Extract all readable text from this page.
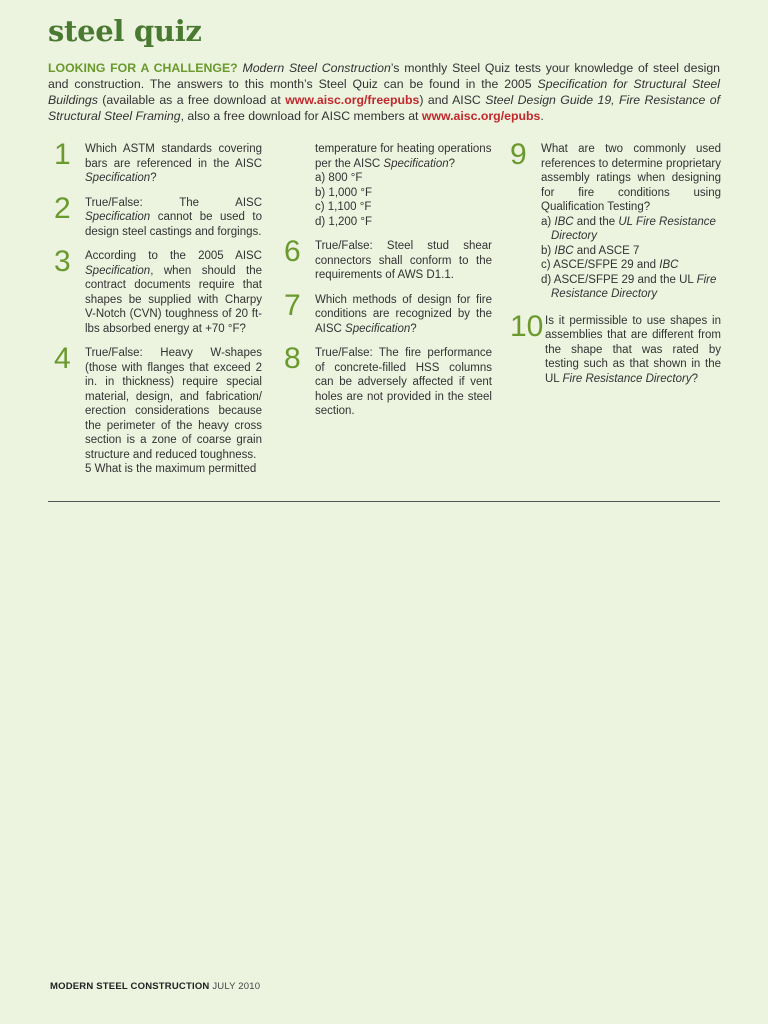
steel quiz
LOOKING FOR A CHALLENGE? Modern Steel Construction’s monthly Steel Quiz tests your knowledge of steel design and construction. The answers to this month’s Steel Quiz can be found in the 2005 Specification for Structural Steel Buildings (available as a free download at www.aisc.org/freepubs) and AISC Steel Design Guide 19, Fire Resistance of Structural Steel Framing, also a free download for AISC members at www.aisc.org/epubs.
1 Which ASTM standards covering bars are referenced in the AISC Specification?
2 True/False: The AISC Specification cannot be used to design steel castings and forgings.
3 According to the 2005 AISC Specification, when should the contract documents require that shapes be supplied with Charpy V-Notch (CVN) toughness of 20 ft-lbs absorbed energy at +70 °F?
4 True/False: Heavy W-shapes (those with flanges that exceed 2 in. in thickness) require special material, design, and fabrication/ erection considerations because the perimeter of the heavy cross section is a zone of coarse grain structure and reduced toughness.
5 What is the maximum permitted
temperature for heating operations per the AISC Specification?
a) 800 °F
b) 1,000 °F
c) 1,100 °F
d) 1,200 °F
6 True/False: Steel stud shear connectors shall conform to the requirements of AWS D1.1.
7 Which methods of design for fire conditions are recognized by the AISC Specification?
8 True/False: The fire performance of concrete-filled HSS columns can be adversely affected if vent holes are not provided in the steel section.
9 What are two commonly used references to determine proprietary assembly ratings when designing for fire conditions using Qualification Testing?
a) IBC and the UL Fire Resistance Directory
b) IBC and ASCE 7
c) ASCE/SFPE 29 and IBC
d) ASCE/SFPE 29 and the UL Fire Resistance Directory
10 Is it permissible to use shapes in assemblies that are different from the shape that was rated by testing such as that shown in the UL Fire Resistance Directory?
MODERN STEEL CONSTRUCTION JULY 2010
